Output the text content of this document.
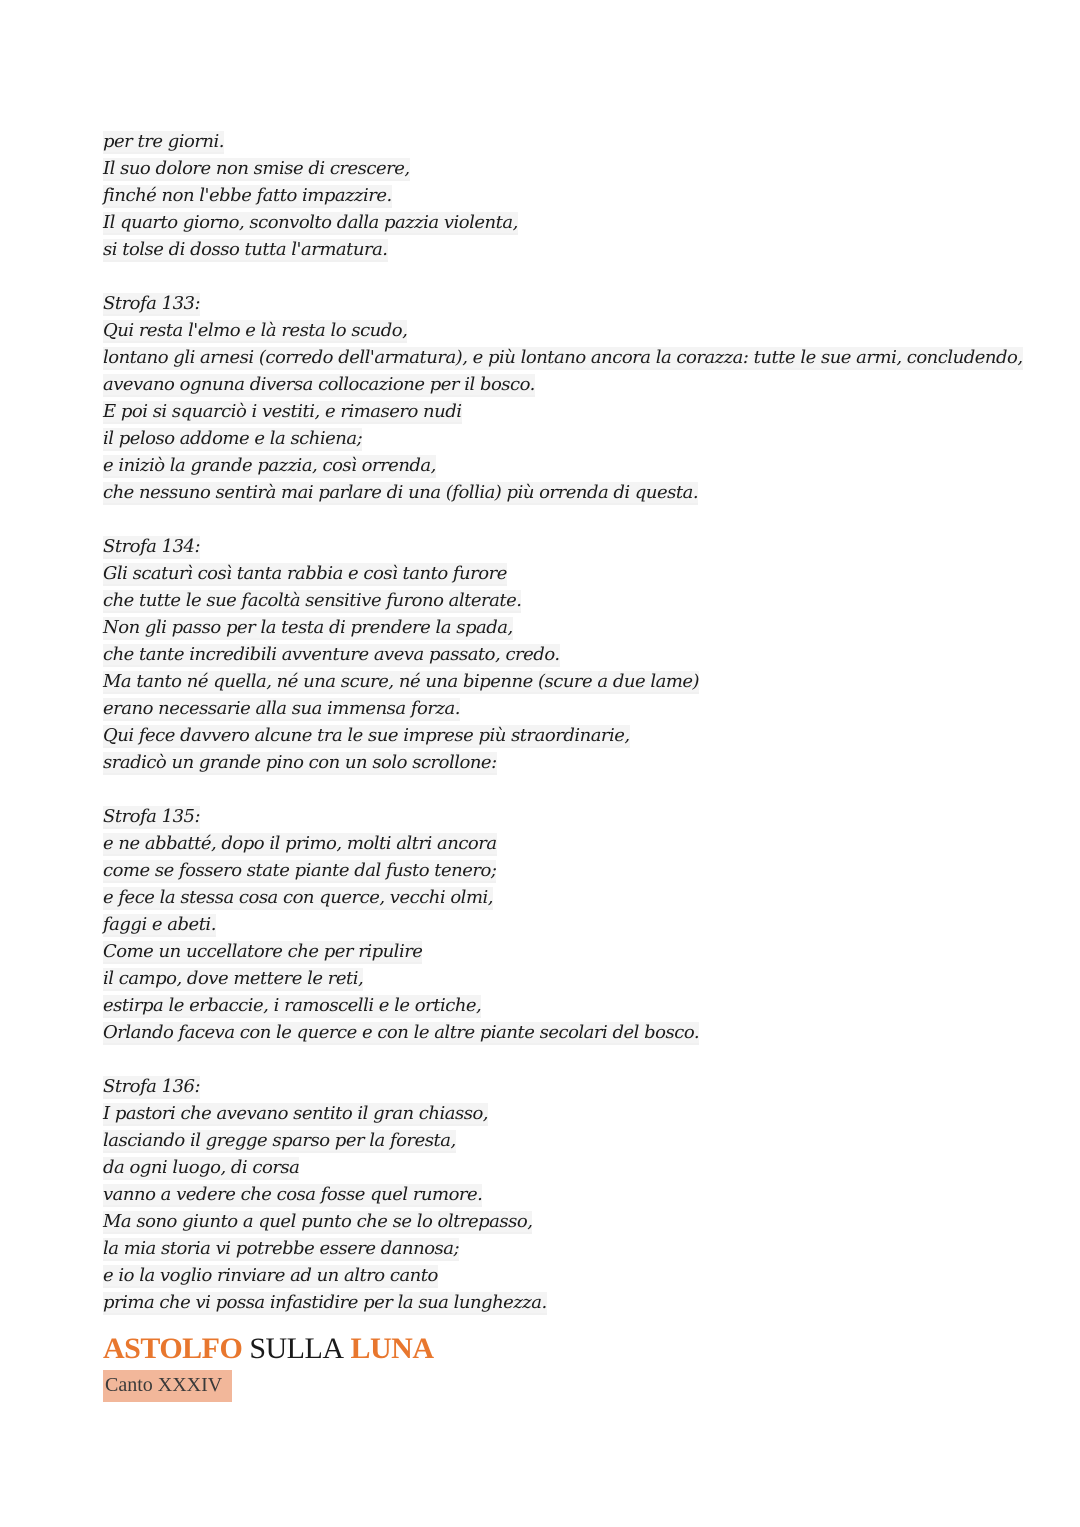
per tre giorni.
Il suo dolore non smise di crescere,
finché non l'ebbe fatto impazzire.
Il quarto giorno, sconvolto dalla pazzia violenta,
si tolse di dosso tutta l'armatura.
Strofa 133:
Qui resta l'elmo e là resta lo scudo,
lontano gli arnesi (corredo dell'armatura), e più lontano ancora la corazza: tutte le sue armi, concludendo,
avevano ognuna diversa collocazione per il bosco.
E poi si squarciò i vestiti, e rimasero nudi
il peloso addome e la schiena;
e iniziò la grande pazzia, così orrenda,
che nessuno sentirà mai parlare di una (follia) più orrenda di questa.
Strofa 134:
Gli scaturì così tanta rabbia e così tanto furore
che tutte le sue facoltà sensitive furono alterate.
Non gli passo per la testa di prendere la spada,
che tante incredibili avventure aveva passato, credo.
Ma tanto né quella, né una scure, né una bipenne (scure a due lame)
erano necessarie alla sua immensa forza.
Qui fece davvero alcune tra le sue imprese più straordinarie,
sradicò un grande pino con un solo scrollone:
Strofa 135:
e ne abbatté, dopo il primo, molti altri ancora
come se fossero state piante dal fusto tenero;
e fece la stessa cosa con querce, vecchi olmi,
faggi e abeti.
Come un uccellatore che per ripulire
il campo, dove mettere le reti,
estirpa le erbaccie, i ramoscelli e le ortiche,
Orlando faceva con le querce e con le altre piante secolari del bosco.
Strofa 136:
I pastori che avevano sentito il gran chiasso,
lasciando il gregge sparso per la foresta,
da ogni luogo, di corsa
vanno a vedere che cosa fosse quel rumore.
Ma sono giunto a quel punto che se lo oltrepasso,
la mia storia vi potrebbe essere dannosa;
e io la voglio rinviare ad un altro canto
prima che vi possa infastidire per la sua lunghezza.
ASTOLFO SULLA LUNA
Canto XXXIV
